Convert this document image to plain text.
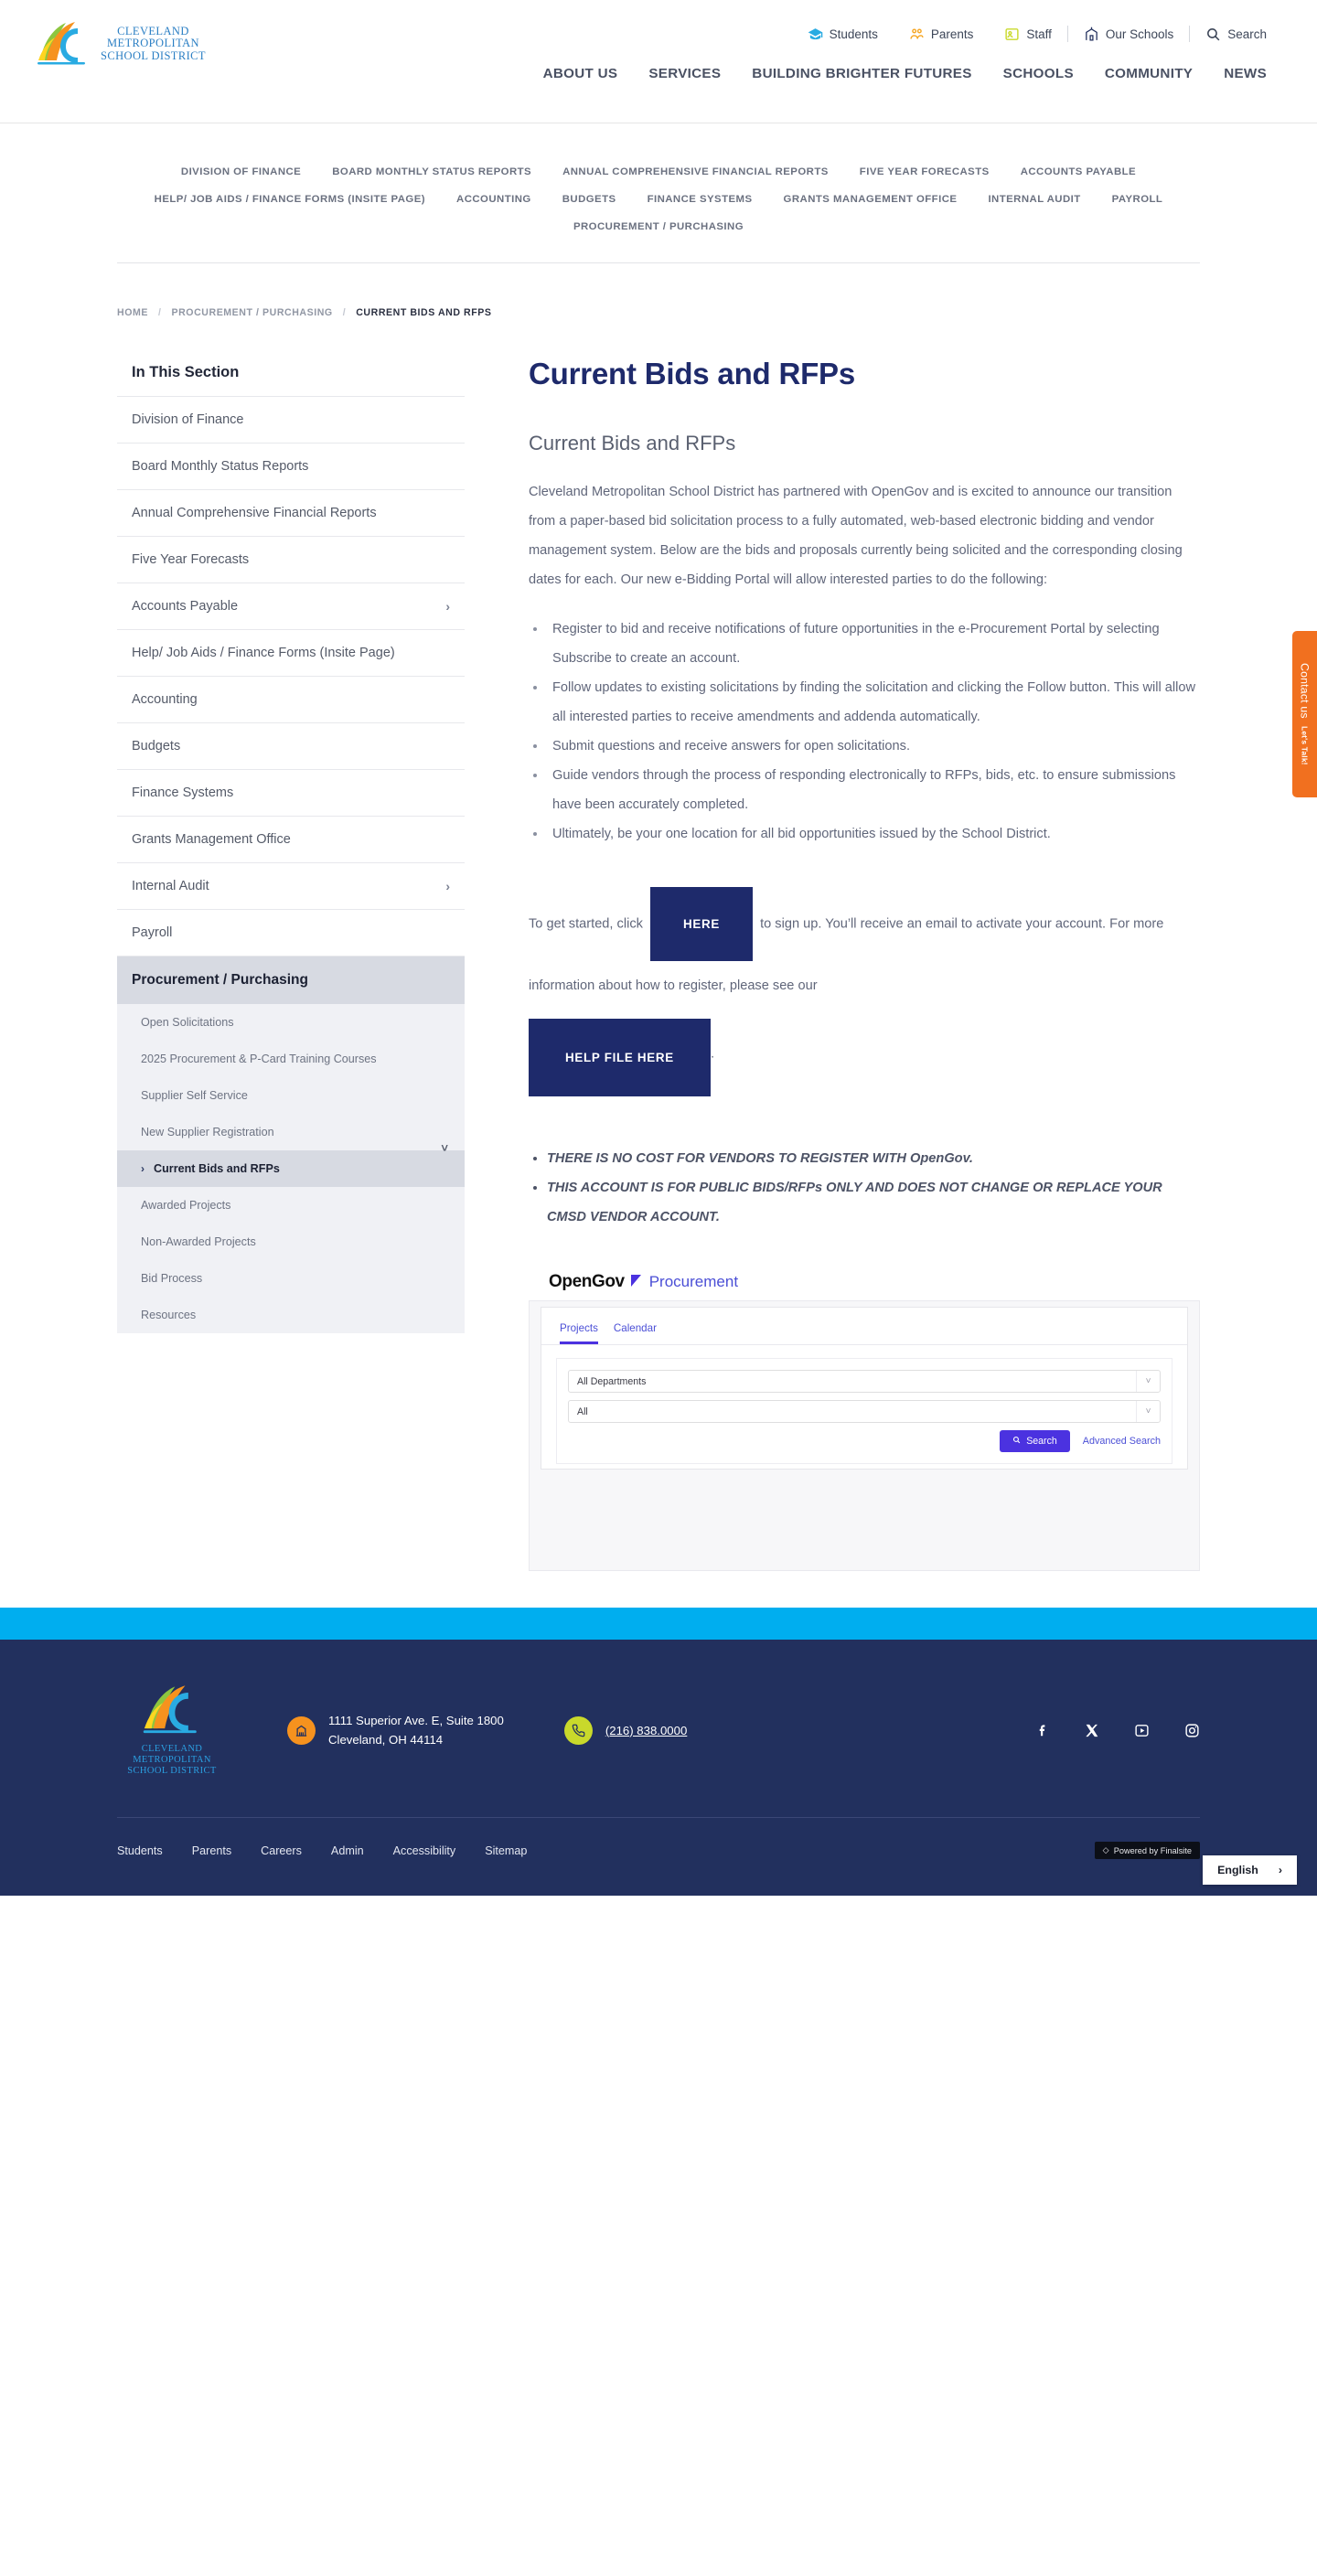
CLEVELAND
METROPOLITAN
SCHOOL DISTRICT
Students	Parents	Staff	Our Schools	Search
ABOUT US	SERVICES	BUILDING BRIGHTER FUTURES	SCHOOLS	COMMUNITY	NEWS
DIVISION OF FINANCE	BOARD MONTHLY STATUS REPORTS	ANNUAL COMPREHENSIVE FINANCIAL REPORTS	FIVE YEAR FORECASTS	ACCOUNTS PAYABLE
HELP/ JOB AIDS / FINANCE FORMS (INSITE PAGE)	ACCOUNTING	BUDGETS	FINANCE SYSTEMS	GRANTS MANAGEMENT OFFICE	INTERNAL AUDIT	PAYROLL
PROCUREMENT / PURCHASING
HOME / PROCUREMENT / PURCHASING / CURRENT BIDS AND RFPS
In This Section
Division of Finance
Board Monthly Status Reports
Annual Comprehensive Financial Reports
Five Year Forecasts
Accounts Payable	›
Help/ Job Aids / Finance Forms (Insite Page)
Accounting
Budgets
Finance Systems
Grants Management Office
Internal Audit	›
Payroll
Procurement / Purchasing
Open Solicitations
2025 Procurement & P-Card Training Courses
Supplier Self Service
New Supplier Registration
˅
› Current Bids and RFPs
Awarded Projects
Non-Awarded Projects
Bid Process
Resources
Current Bids and RFPs
Current Bids and RFPs

Cleveland Metropolitan School District has partnered with OpenGov and is excited to announce our transition from a paper-based bid solicitation process to a fully automated, web-based electronic bidding and vendor management system. Below are the bids and proposals currently being solicited and the corresponding closing dates for each. Our new e-Bidding Portal will allow interested parties to do the following:

• Register to bid and receive notifications of future opportunities in the e-Procurement Portal by selecting Subscribe to create an account.
• Follow updates to existing solicitations by finding the solicitation and clicking the Follow button. This will allow all interested parties to receive amendments and addenda automatically.
• Submit questions and receive answers for open solicitations.
• Guide vendors through the process of responding electronically to RFPs, bids, etc. to ensure submissions have been accurately completed.
• Ultimately, be your one location for all bid opportunities issued by the School District.
To get started, click	HERE	to sign up. You’ll receive an email to activate your account. For more information about how to register, please see our
HELP FILE HERE	.
• THERE IS NO COST FOR VENDORS TO REGISTER WITH OpenGov.
• THIS ACCOUNT IS FOR PUBLIC BIDS/RFPs ONLY AND DOES NOT CHANGE OR REPLACE YOUR CMSD VENDOR ACCOUNT.
OpenGov Procurement
Projects Calendar
All Departments	˅
All	˅
Search	Advanced Search
CLEVELAND
METROPOLITAN
SCHOOL DISTRICT
1111 Superior Ave. E, Suite 1800
Cleveland, OH 44114
(216) 838.0000
Students	Parents	Careers	Admin	Accessibility	Sitemap	◇ Powered by Finalsite
Contact us
Let's Talk!
English ›
